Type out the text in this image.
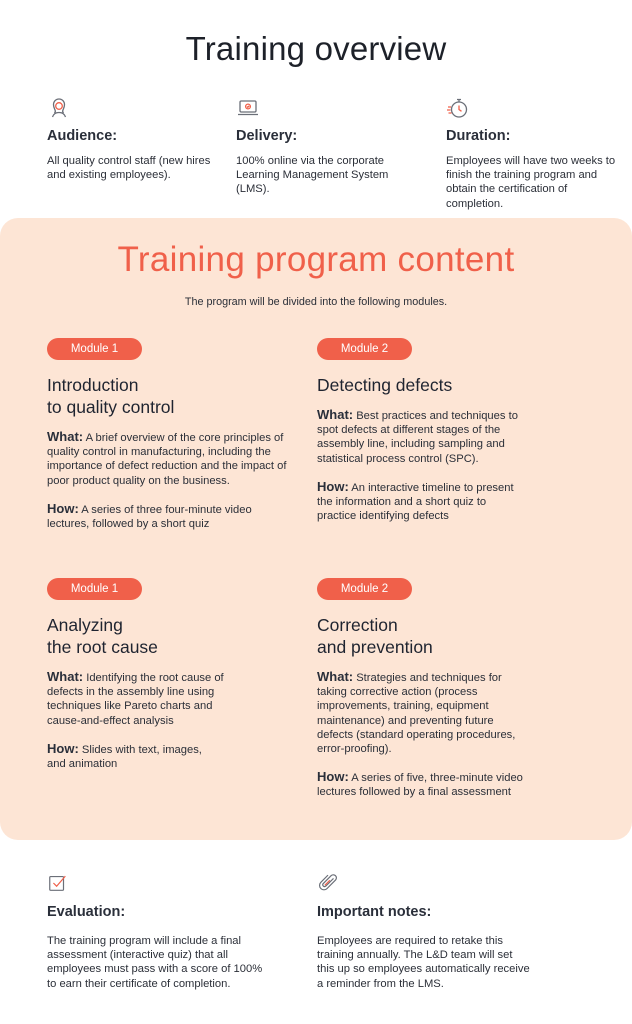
Training overview
Audience:

All quality control staff (new hires and existing employees).

Delivery:

100% online via the corporate Learning Management System (LMS).

Duration:

Employees will have two weeks to finish the training program and obtain the certification of completion.

Training program content
The program will be divided into the following modules.
Module 1
Introduction
to quality control

What: A brief overview of the core principles of quality control in manufacturing, including the importance of defect reduction and the impact of poor product quality on the business.

How: A series of three four-minute video lectures, followed by a short quiz

Module 2
Detecting defects

What: Best practices and techniques to spot defects at different stages of the assembly line, including sampling and statistical process control (SPC).

How: An interactive timeline to present the information and a short quiz to practice identifying defects

Module 1
Analyzing
the root cause

What: Identifying the root cause of defects in the assembly line using techniques like Pareto charts and cause-and-effect analysis

How: Slides with text, images, and animation

Module 2
Correction
and prevention

What: Strategies and techniques for taking corrective action (process improvements, training, equipment maintenance) and preventing future defects (standard operating procedures, error-proofing).

How: A series of five, three-minute video lectures followed by a final assessment

Evaluation:

The training program will include a final assessment (interactive quiz) that all employees must pass with a score of 100% to earn their certificate of completion.

Important notes:

Employees are required to retake this training annually. The L&D team will set this up so employees automatically receive a reminder from the LMS.
